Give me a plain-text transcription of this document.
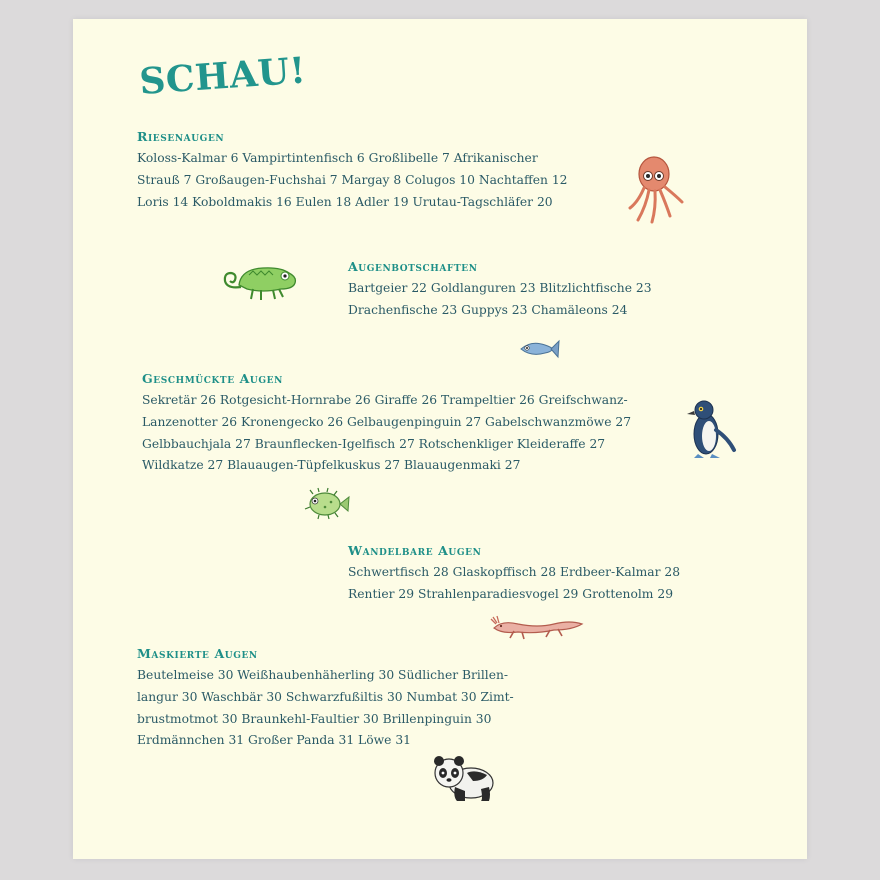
SCHAU!
Riesenaugen

Koloss-Kalmar 6 Vampirtintenfisch 6 Großlibelle 7 Afrikanischer
Strauß 7 Großaugen-Fuchshai 7 Margay 8 Colugos 10 Nachtaffen 12
Loris 14 Koboldmakis 16 Eulen 18 Adler 19 Urutau-Tagschläfer 20

Augenbotschaften

Bartgeier 22 Goldlanguren 23 Blitzlichtfische 23
Drachenfische 23 Guppys 23 Chamäleons 24

Geschmückte Augen

Sekretär 26 Rotgesicht-Hornrabe 26 Giraffe 26 Trampeltier 26 Greifschwanz-
Lanzenotter 26 Kronengecko 26 Gelbaugenpinguin 27 Gabelschwanzmöwe 27
Gelbbauchjala 27 Braunflecken-Igelfisch 27 Rotschenkliger Kleideraffe 27
Wildkatze 27 Blauaugen-Tüpfelkuskus 27 Blauaugenmaki 27

Wandelbare Augen

Schwertfisch 28 Glaskopffisch 28 Erdbeer-Kalmar 28
Rentier 29 Strahlenparadiesvogel 29 Grottenolm 29

Maskierte Augen

Beutelmeise 30 Weißhaubenhäherling 30 Südlicher Brillen-
langur 30 Waschbär 30 Schwarzfußiltis 30 Numbat 30 Zimt-
brustmotmot 30 Braunkehl-Faultier 30 Brillenpinguin 30
Erdmännchen 31 Großer Panda 31 Löwe 31
